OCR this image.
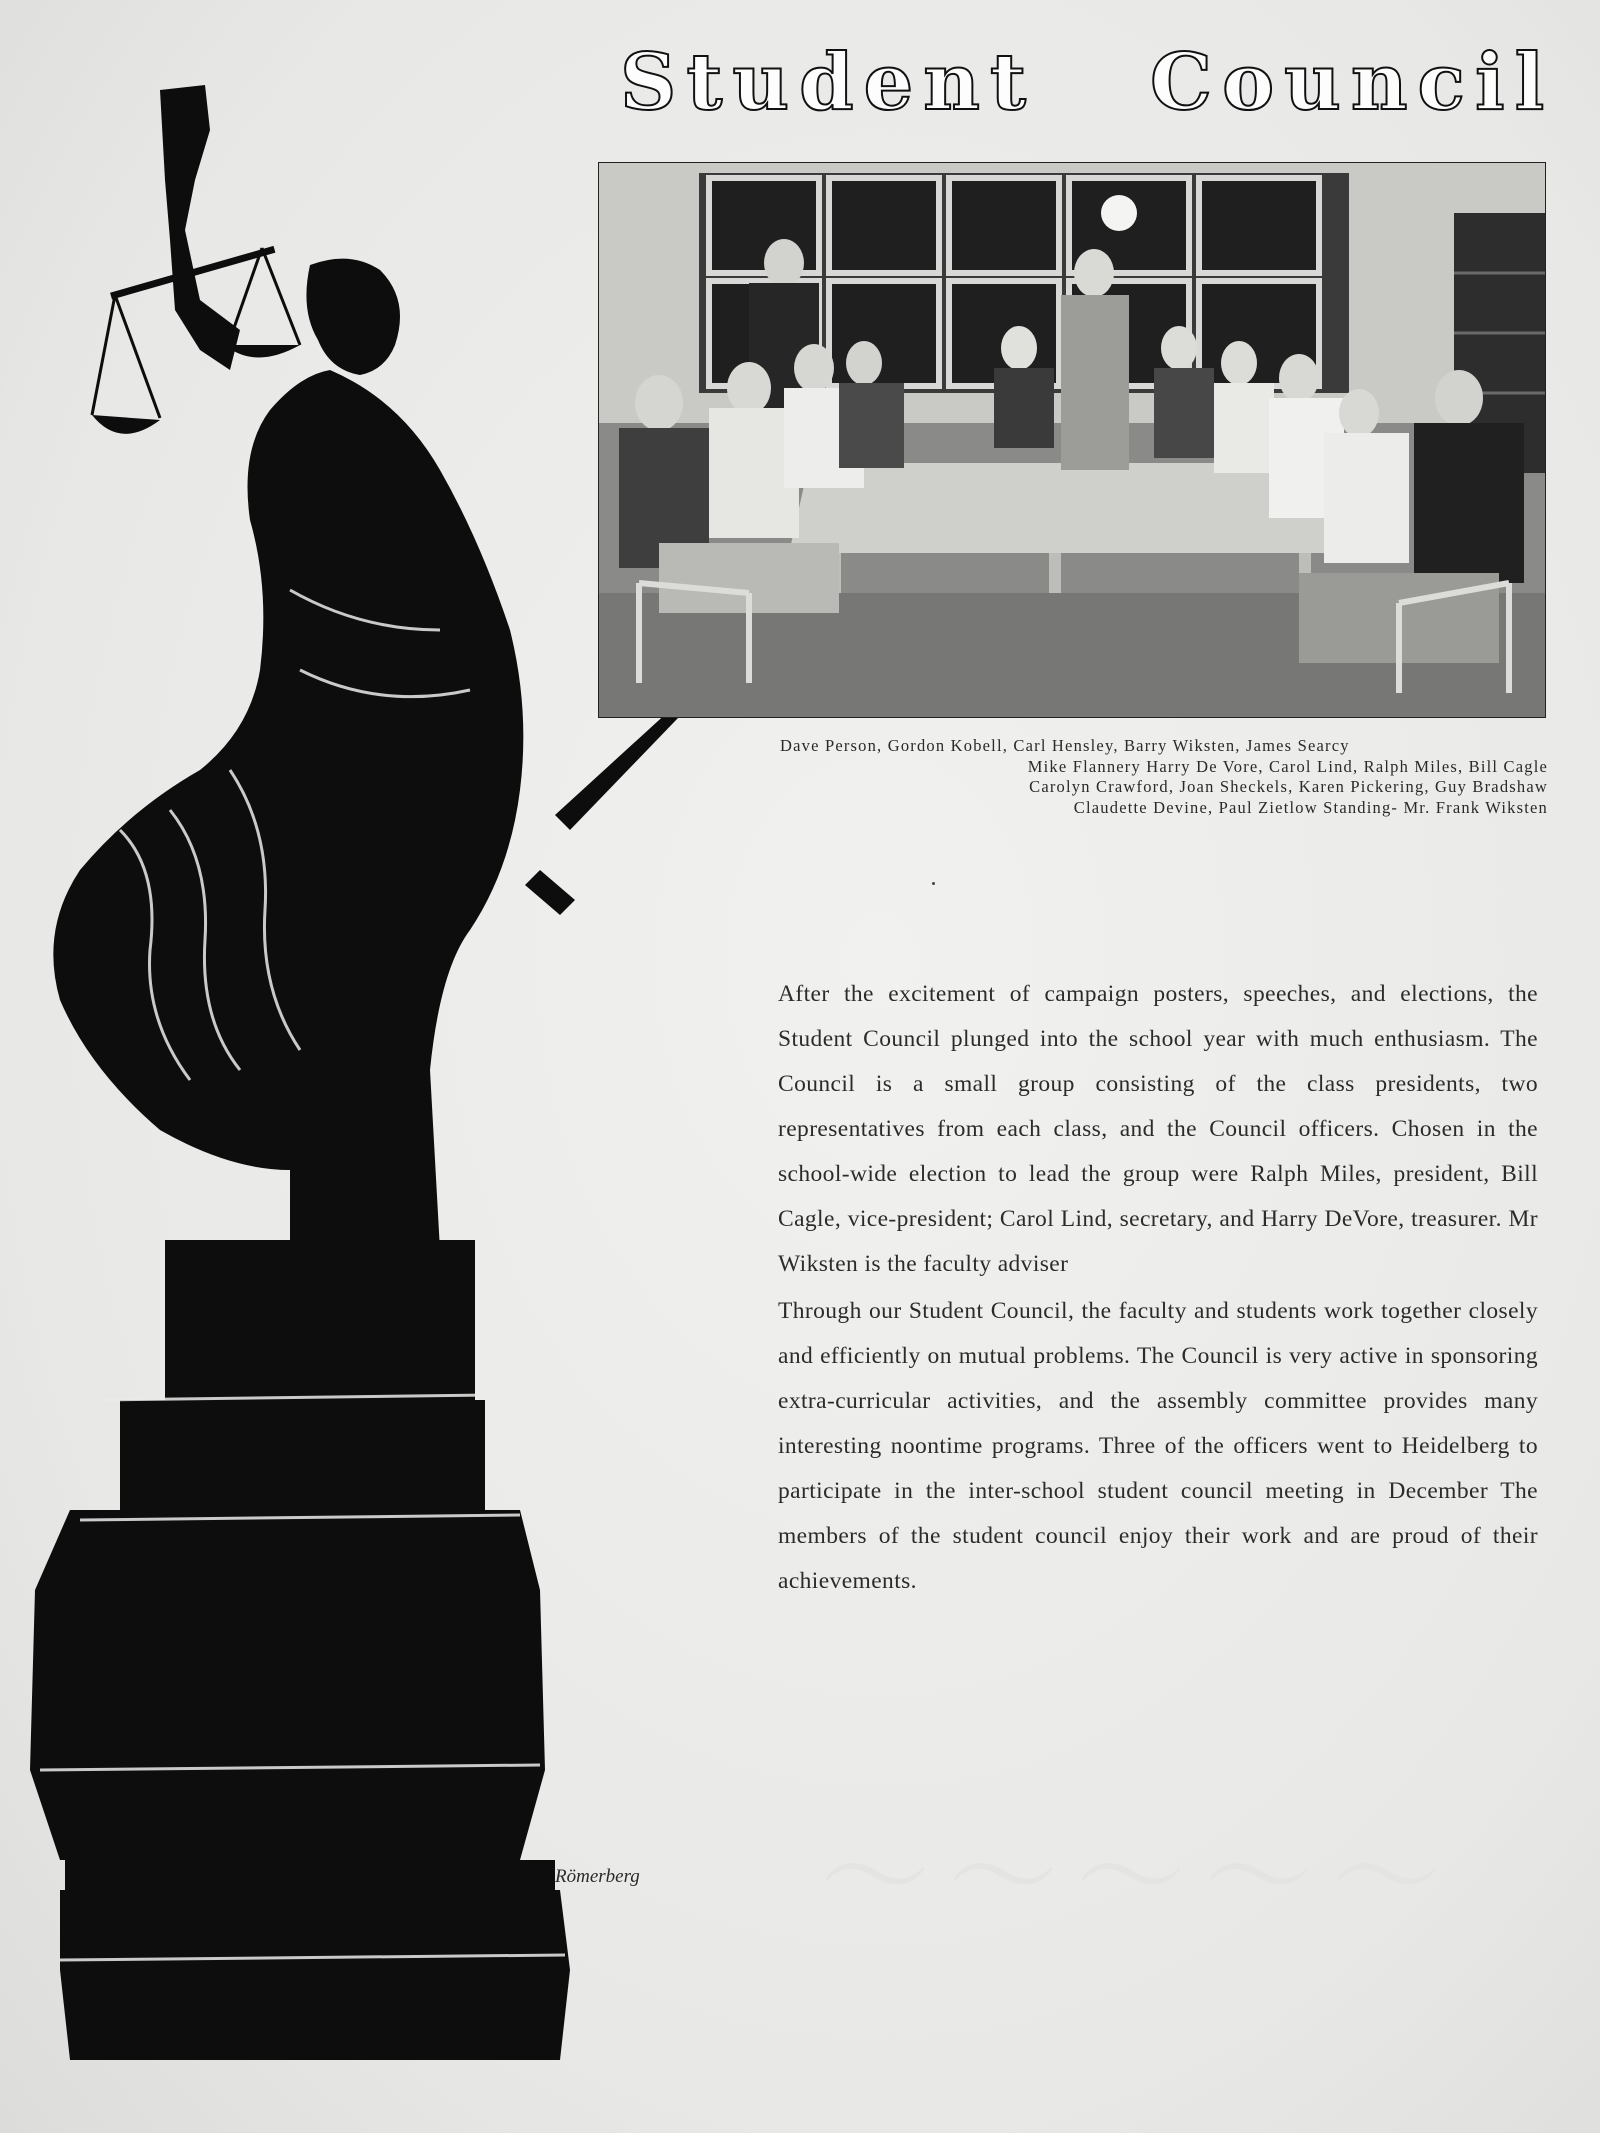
〜〜〜〜〜
Student Council
Dave Person, Gordon Kobell, Carl Hensley, Barry Wiksten, James Searcy
Mike Flannery Harry De Vore, Carol Lind, Ralph Miles, Bill Cagle
Carolyn Crawford, Joan Sheckels, Karen Pickering, Guy Bradshaw
Claudette Devine, Paul Zietlow Standing- Mr. Frank Wiksten

After the excitement of campaign posters, speeches, and elections, the Student Council plunged into the school year with much enthusiasm. The Council is a small group consisting of the class presidents, two representatives from each class, and the Council officers. Chosen in the school-wide election to lead the group were Ralph Miles, president, Bill Cagle, vice-president; Carol Lind, secretary, and Harry DeVore, treasurer. Mr Wiksten is the faculty adviser

Through our Student Council, the faculty and students work together closely and efficiently on mutual problems. The Council is very active in sponsoring extra-curricular activities, and the assembly committee provides many interesting noontime programs. Three of the officers went to Heidelberg to participate in the inter-school student council meeting in December The members of the student council enjoy their work and are proud of their achievements.

Römerberg
